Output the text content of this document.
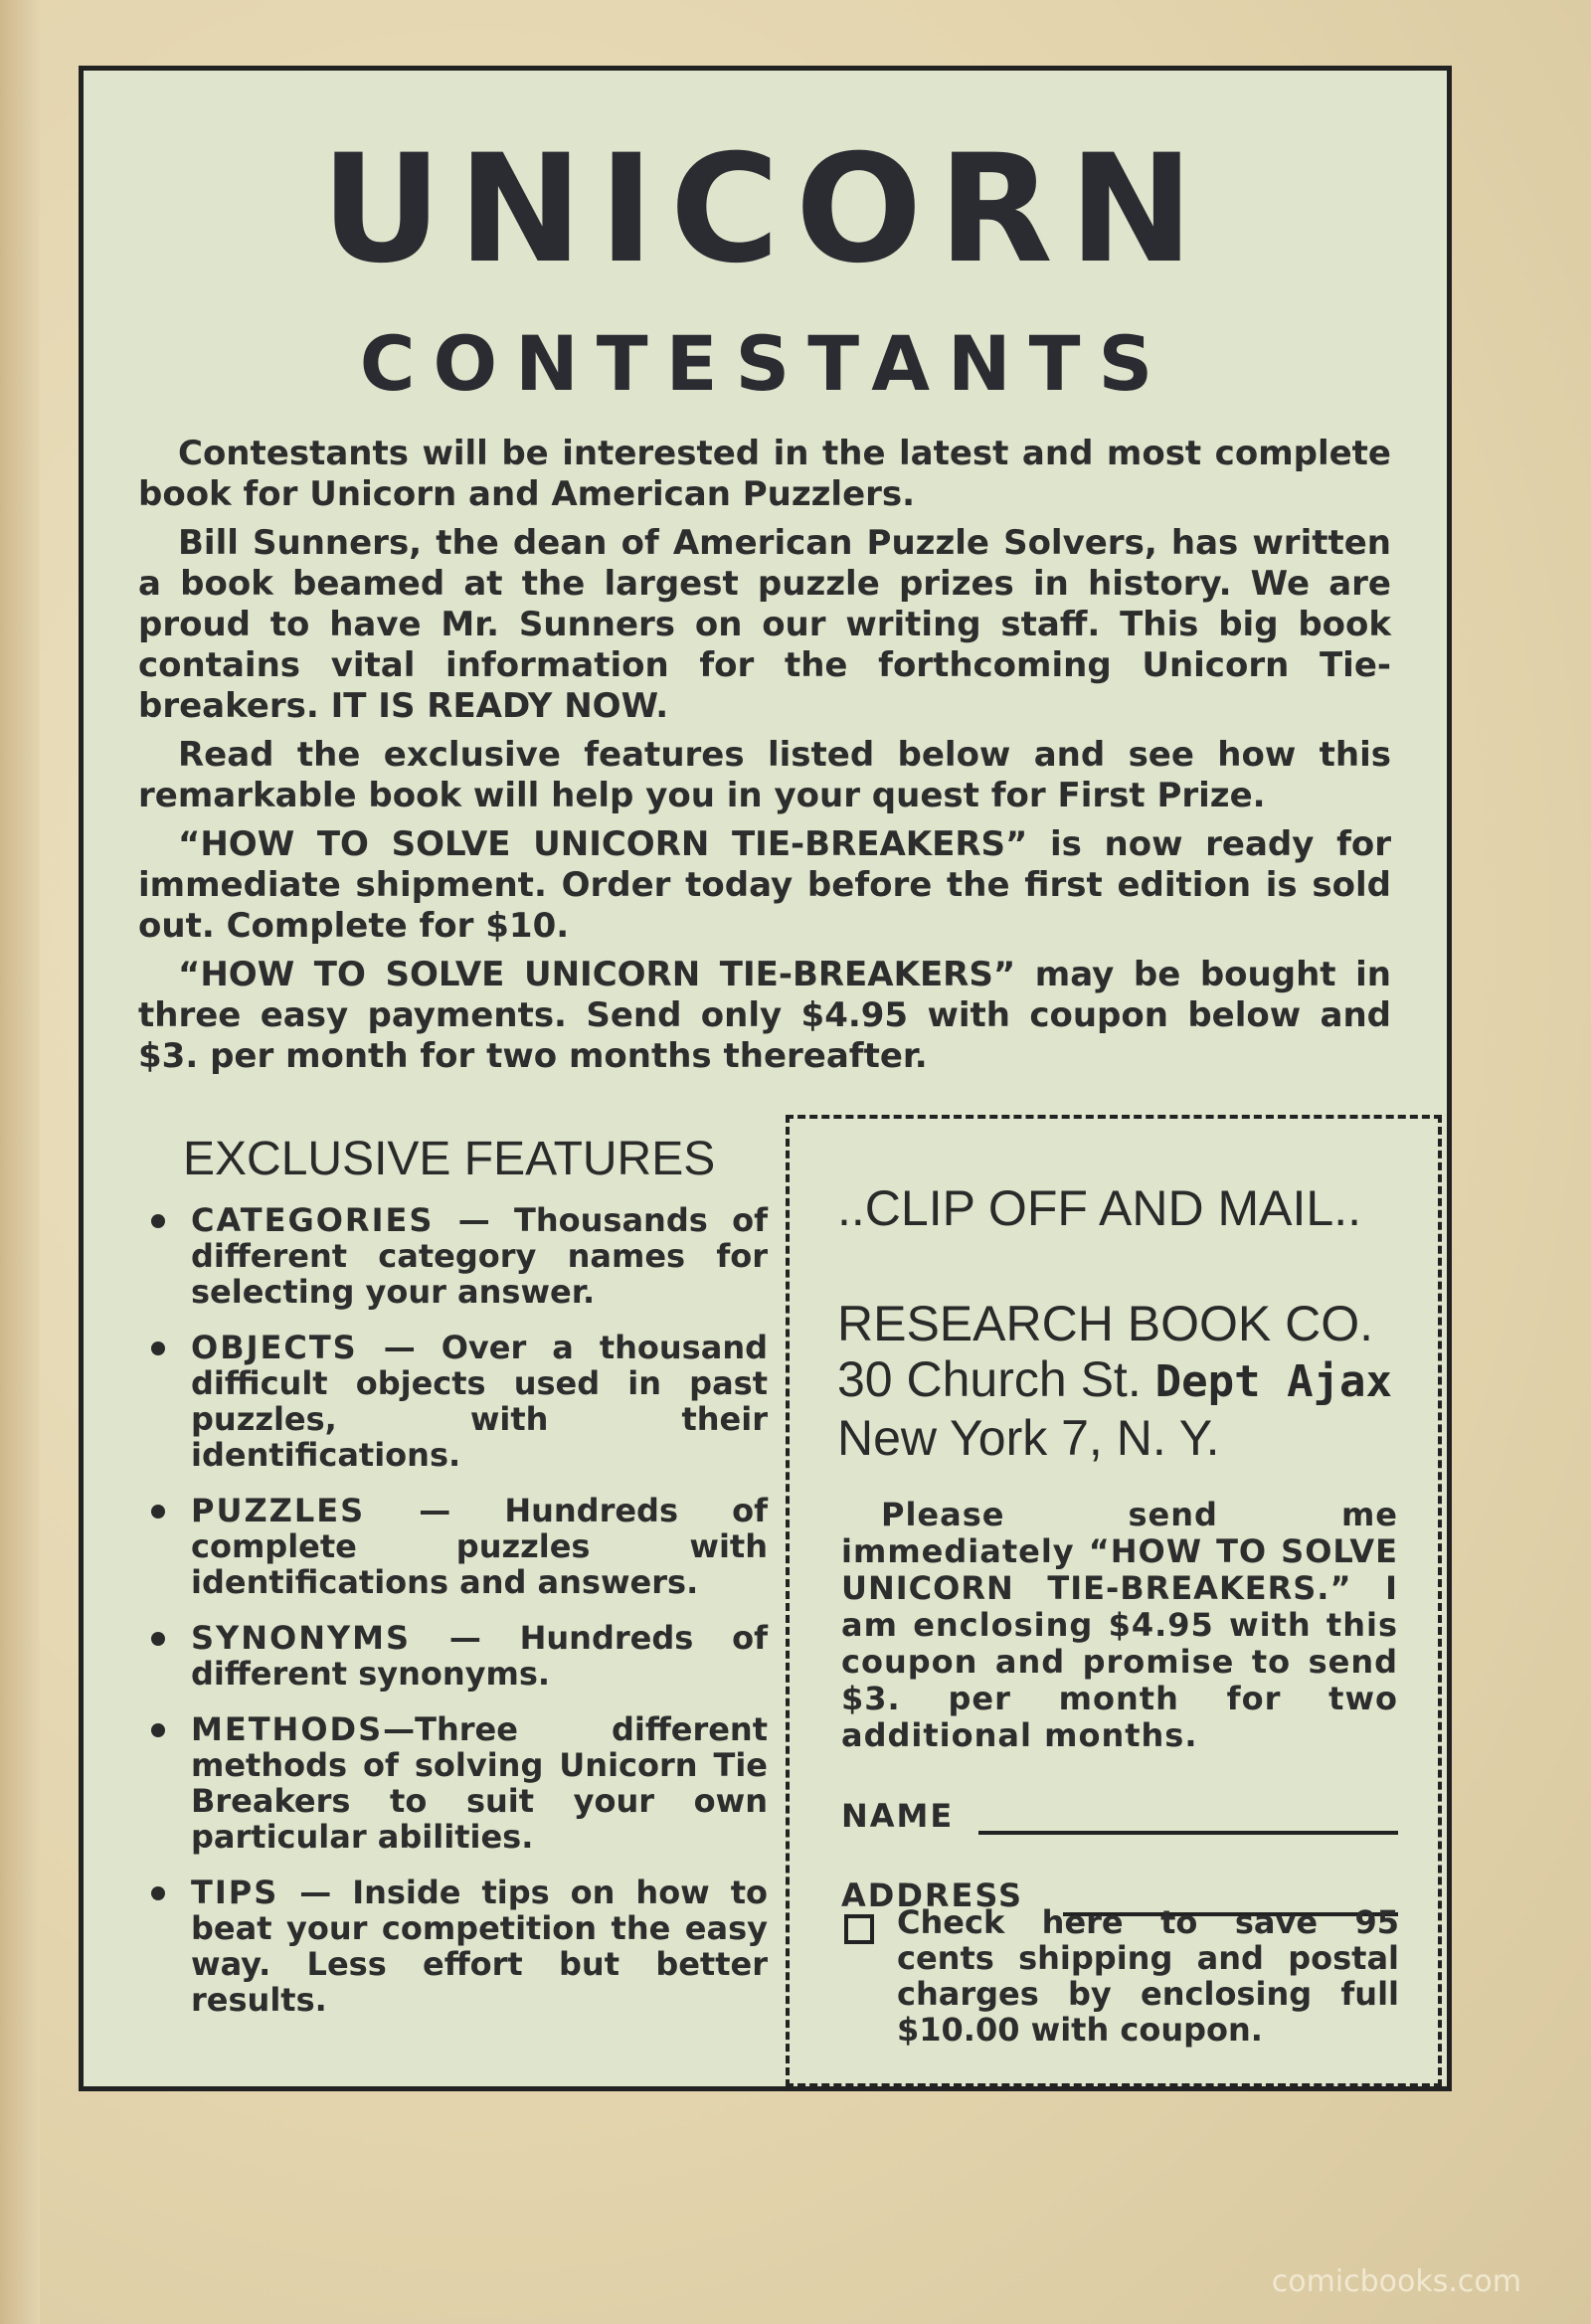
UNICORN
CONTESTANTS

Contestants will be interested in the latest and most complete book for Unicorn and American Puzzlers.

Bill Sunners, the dean of American Puzzle Solvers, has written a book beamed at the largest puzzle prizes in history. We are proud to have Mr. Sunners on our writing staff. This big book contains vital information for the forthcoming Unicorn Tie-breakers. IT IS READY NOW.

Read the exclusive features listed below and see how this remarkable book will help you in your quest for First Prize.

“HOW TO SOLVE UNICORN TIE-BREAKERS” is now ready for immediate shipment. Order today before the first edition is sold out. Complete for $10.

“HOW TO SOLVE UNICORN TIE-BREAKERS” may be bought in three easy payments. Send only $4.95 with coupon below and $3. per month for two months thereafter.

EXCLUSIVE FEATURES
CATEGORIES — Thousands of different category names for selecting your answer.
OBJECTS — Over a thousand difficult objects used in past puzzles, with their identifications.
PUZZLES — Hundreds of complete puzzles with identifications and answers.
SYNONYMS — Hundreds of different synonyms.
METHODS—Three different methods of solving Unicorn Tie Breakers to suit your own particular abilities.
TIPS — Inside tips on how to beat your competition the easy way. Less effort but better results.
..CLIP OFF AND MAIL..
RESEARCH BOOK CO.
30 Church St. Dept Ajax
New York 7, N. Y.
Please send me immediately “HOW TO SOLVE UNICORN TIE-BREAKERS.” I am enclosing $4.95 with this coupon and promise to send $3. per month for two additional months.
NAME
ADDRESS
Check here to save 95 cents shipping and postal charges by enclosing full $10.00 with coupon.
comicbooks.com
